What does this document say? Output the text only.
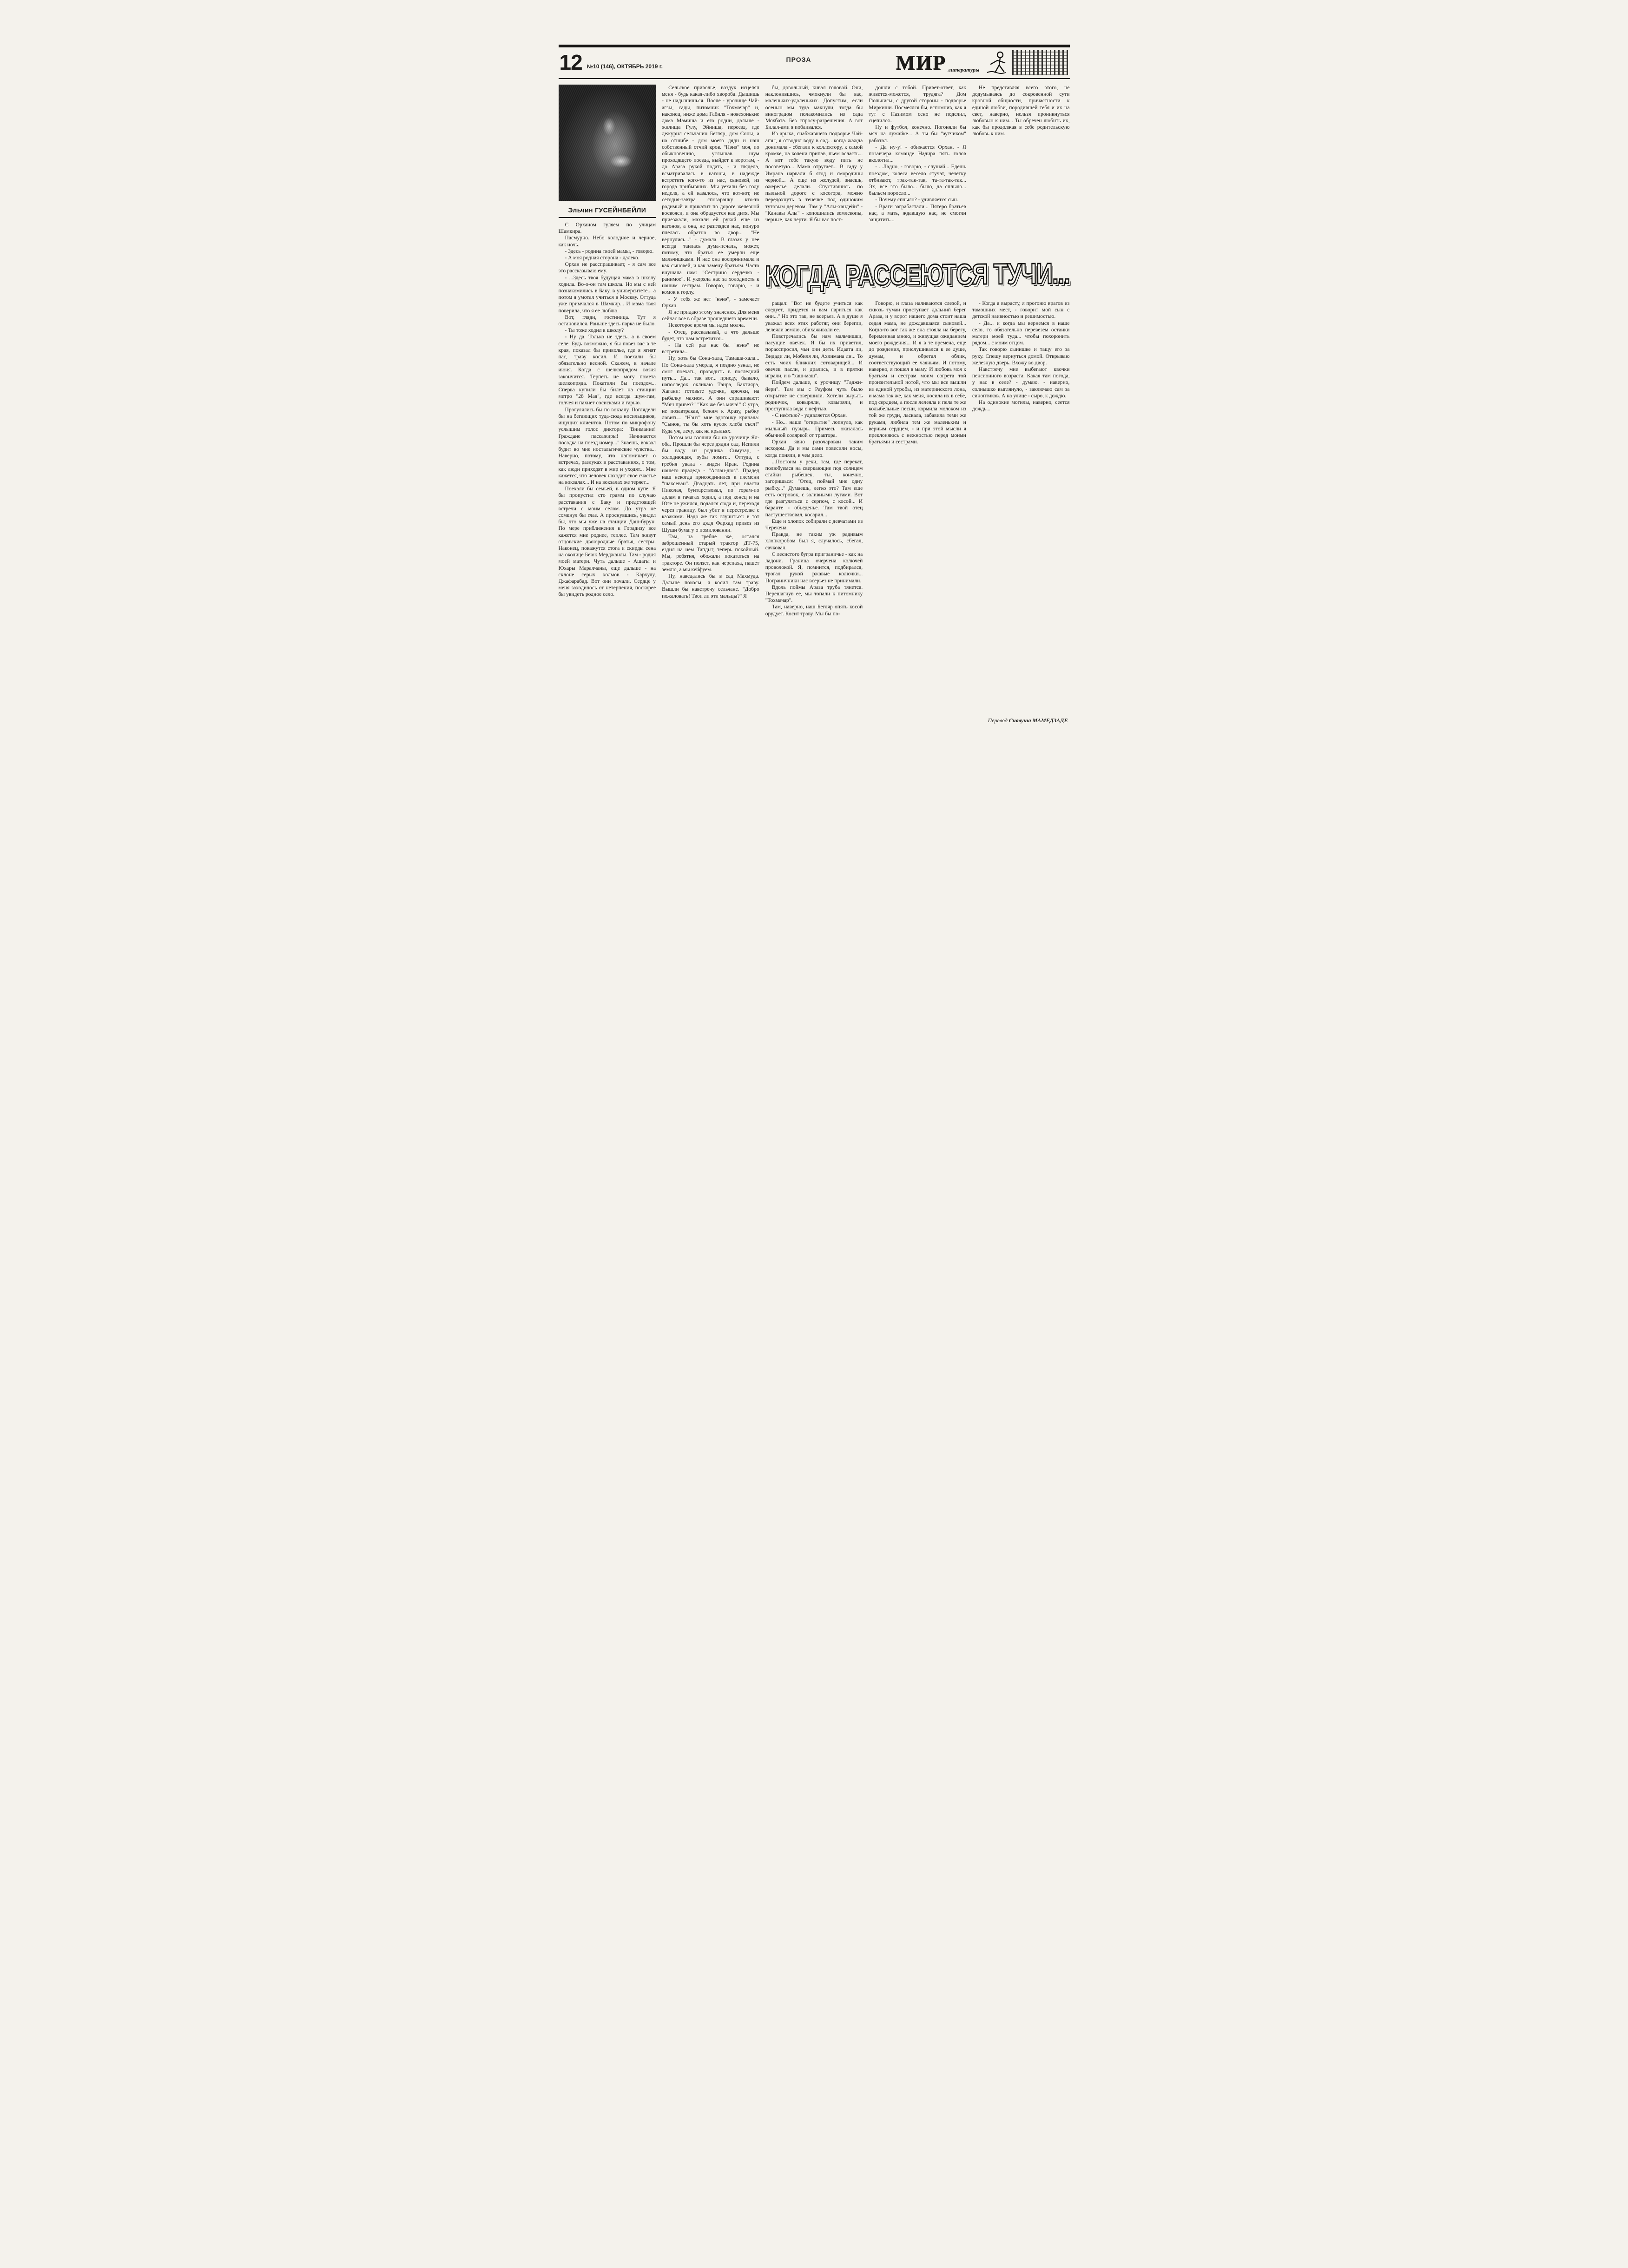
12 №10 (146), ОКТЯБРЬ 2019 г.
ПРОЗА	МИР литературы
Эльчин ГУСЕЙНБЕЙЛИ

С Орханом гуляем по улицам Шамкира.

Пасмурно. Небо холодное и черное, как ночь.

- Здесь - родина твоей мамы, - говорю.

- А моя родная сторона - далеко.

Орхан не расспрашивает, - я сам все это рассказываю ему.

- ...Здесь твоя будущая мама в школу ходила. Во-о-он там школа. Но мы с ней познакомились в Баку, в университете... а потом я умотал учиться в Москву. Оттуда уже примчался в Шамкир... И мама твоя поверила, что я ее люблю.

Вот, гляди, гостиница. Тут я остановился. Раньше здесь парка не было.

- Ты тоже ходил в школу?

- Ну да. Только не здесь, а в своем селе. Будь возможно, я бы повез вас в те края, показал бы приволье, где я ягнят пас, траву косил. И поехали бы обязательно весной. Скажем, в начале июня. Когда с шелкопрядом возня закончится. Терпеть не могу помета шелкопряда. Покатили бы поездом... Сперва купили бы билет на станции метро "28 Мая", где всегда шум-гам, толчея и пахнет сосисками и гарью.

Прогулялись бы по вокзалу. Поглядели бы на бегающих туда-сюда носильщиков, ищущих клиентов. Потом по микрофону услышим голос диктора: "Внимание! Граждане пассажиры! Начинается посадка на поезд номер..." Знаешь, вокзал будит во мне ностальгические чувства... Наверно, потому, что напоминает о встречах, разлуках и расставаниях, о том, как люди приходят в мир и уходят... Мне кажется, что человек находит свое счастье на вокзалах... И на вокзалах же теряет...

Поехали бы семьей, в одном купе. Я бы пропустил сто грамм по случаю расставания с Баку и предстоящей встречи с моим селом. До утра не сомкнул бы глаз. А проснувшись, увидел бы, что мы уже на станции Даш-бурун. По мере приближения к Горадизу все кажется мне роднее, теплее. Там живут отцовские двоюродные братья, сестры. Наконец, покажутся стога и скирды сена на околице Беюк Мерджанлы. Там - родня моей матери. Чуть дальше - Ашагы и Юхары Маралчаны, еще дальше - на склоне серых холмов - Кархулу, Джафарабад. Вот они почали. Сердце у меня заходилось от нетерпения, поскорее бы увидеть родное село.

Сельское приволье, воздух исцелял меня - будь какая-либо хвороба. Дышишь - не надышишься. После - урочище Чай-агзы, сады, питомник "Тохмачар" и, наконец, ниже дома Габиля - новехонькие дома Мамиша и его родни, дальше - жилища Гулу, Эйниша, переезд, где дежурил сельчанин Бегляр, дом Соны, а на отшибе - дом моего дяди и наш собственный отчий кров. "Нэнэ" моя, по обыкновению, услышав шум проходящего поезда, выйдет к воротам, - до Араза рукой подать, - и глядела, всматривалась в вагоны, в надежде встретить кого-то из нас, сыновей, из города прибывших. Мы уехали без году неделя, а ей казалось, что вот-вот, не сегодня-завтра спозаранку кто-то родимый и прикатит по дороге железной восвояси, и она обрадуется как дитя. Мы приезжали, махали ей рукой еще из вагонов, а она, не разглядев нас, понуро плелась обратно во двор... "Не вернулись..." - думала. В глазах у нее всегда таилась дума-печаль, может, потому, что братья ее умерли еще мальчишками. И нас она воспринимала и как сыновей, и как замену братьям. Часто внушала нам: "Сестрино сердечко - ранимое". И укоряла нас за холодность к нашим сестрам. Говорю, говорю, - и комок к горлу.

- У тебя же нет "нэнэ", - замечает Орхан.

Я не придаю этому значения. Для меня сейчас все в образе прошедшего времени.

Некоторое время мы идем молча.

- Отец, рассказывай, а что дальше будет, что нам встретится...

- На сей раз нас бы "нэнэ" не встретила...

Ну, хоть бы Сона-хала, Тамаша-хала... Но Сона-хала умерла, я поздно узнал, не смог поехать, проводить в последний путь... Да... так вот... приеду, бывало, напоследок окликаю Таира, Бахтияра, Хагани: готовьте удочки, крючки, на рыбалку махнем. А они спрашивают: "Мяч привез?" "Как же без мяча!" С утра, не позавтракав, бежим к Аразу, рыбку ловить... "Нэнэ" мне вдогонку кричала: "Сынок, ты бы хоть кусок хлеба съел!" Куда уж, лечу, как на крыльях.

Потом мы взошли бы на урочище Ял-оба. Прошли бы через дядин сад. Испили бы воду из родника Симузар, - холоднющая, зубы ломит... Оттуда, с гребня увала - виден Иран. Родина нашего прадеда - "Аслан-дюз". Прадед наш некогда присоединился к племени "шахсеван". Двадцать лет, при власти Николая, бунтарствовал, по горам-по долам в гачагах ходил, а под конец и на Юге не ужился, подался сюда и, переходя через границу, был убит в перестрелке с казаками. Надо же так случиться: в тот самый день его дядя Фархад привез из Шуши бумагу о помиловании.

Там, на гребне же, остался заброшенный старый трактор ДТ-75, ездил на нем Тапдыг, теперь покойный. Мы, ребятня, обожали покататься на тракторе. Он ползет, как черепаха, пашет землю, а мы кейфуем.

Ну, наведались бы в сад Махмуда. Дальше покосы, я косил там траву. Вышли бы навстречу сельчане. "Добро пожаловать! Твои ли эти мальцы?" Я

бы, довольный, кивал головой. Они, наклонившись, чмокнули бы вас, маленьких-удаленьких. Допустим, если осенью мы туда махнули, тогда бы виноградом полакомились из сада Мохбата. Без спросу-разрешения. А вот Билал-ами я побаивался.

Из арыка, снабжавшего подворье Чай-агзы, я отводил воду в сад... когда жажда донимала - сбегали к коллектору, к самой кромке, на колени припав, пьем всласть... А вот тебе такую воду пить не посоветую... Мама отругает... В саду у Имрана нарвали б ягод и смородины черной... А еще из желудей, знаешь, ожерелье делали. Спустившись по пыльной дороге с косогора, можно передохнуть в тенечке под одиноким тутовым деревом. Там у "Алы-хандейи" - "Канавы Алы" - копошились землекопы, черные, как черти. Я бы вас пост-

дошли с тобой. Привет-ответ, как живется-можется, трудяга? Дом Гюльнисы, с другой стороны - подворье Миркиши. Посмеялся бы, вспомнив, как я тут с Назимом сено не поделил, сцепился...

Ну и футбол, конечно. Погоняли бы мяч на лужайке... А ты бы "аутчиком" работал.

- Да ну-у! - обижается Орхан. - Я позавчера команде Надира пять голов вколотил...

- ...Ладно, - говорю, - слушай... Едешь поездом, колеса весело стучат, чечетку отбивают, трак-так-так, та-та-так-так... Эх, все это было... было, да сплыло... быльем поросло...

- Почему сплыло? - удивляется сын.

- Враги заграбастали... Пятеро братьев нас, а мать, ждавшую нас, не смогли защитить...

Не представляя всего этого, не додумываясь до сокровенной сути кровной общности, причастности к единой любви, породившей тебя и их на свет, наверно, нельзя проникнуться любовью к ним... Ты обречен любить их, как бы продолжая в себе родительскую любовь к ним.

КОГДА РАССЕЮТСЯ ТУЧИ...

ращал: "Вот не будете учиться как следует, придется и вам париться как они..." Но это так, не всерьез. А в душе я уважал всех этих работяг, они берегли, лелеяли землю, обихаживали ее.

Повстречались бы нам мальчишки, пасущие овечек. Я бы их приветил, порасспросил, чьи они дети. Идаята ли, Видади ли, Мобиля ли, Ахлимана ли... То есть моих ближних сотоварищей... И овечек пасли, и дрались, и в прятки играли, и в "хаш-маш".

Пойдем дальше, к урочищу "Гаджи-йери". Там мы с Рауфом чуть было открытие не совершили. Хотели вырыть родничок, ковыряли, ковыряли, и проступила вода с нефтью.

- С нефтью? - удивляется Орхан.

- Но... наше "открытие" лопнуло, как мыльный пузырь. Примесь оказалась обычной соляркой от трактора.

Орхан явно разочарован таким исходом. Да и мы сами повесили носы, когда поняли, в чем дело.

...Постоим у реки, там, где перекат, полюбуемся на сверкающие под солнцем стайки рыбешек, ты, конечно, загоришься: "Отец, поймай мне одну рыбку..." Думаешь, легко это? Там еще есть островок, с заливными лугами. Вот где разгуляться с серпом, с косой... И баранте - объеденье. Там твой отец пастушествовал, косарил...

Еще и хлопок собирали с девчатами из Черекена.

Правда, не таким уж радивым хлопкоробом был я, случалось, сбегал, сачковал.

С лесистого бугра приграничье - как на ладони. Граница очерчена колючей проволокой. Я, помнится, подбирался, трогал рукой ржавые колючки... Пограничники нас всерьез не принимали.

Вдоль поймы Араза труба тянется. Перешагнув ее, мы топали к питомнику "Тохмачар".

Там, наверно, наш Бегляр опять косой орудует. Косит траву. Мы бы по-

Говорю, и глаза наливаются слезой, и сквозь туман проступает дальний берег Араза, и у ворот нашего дома стоит наша седая мама, не дождавшаяся сыновей... Когда-то вот так же она стояла на берегу, беременная мною, и живущая ожиданием моего рождения... И я в те времена, еще до рождения, прислушивался к ее душе, думам, и обретал облик, соответствующий ее чаяньям. И потому, наверно, я пошел в маму. И любовь моя к братьям и сестрам моим согрета той пронзительной нотой, что мы все вышли из единой утробы, из материнского лона, и мама так же, как меня, носила их в себе, под сердцем, а после лелеяла и пела те же колыбельные песни, кормила молоком из той же груди, ласкала, забавила теми же руками, любила тем же маленьким и верным сердцем, - и при этой мысли я преклоняюсь с нежностью перед моими братьями и сестрами.

- Когда я вырасту, я прогоню врагов из тамошних мест, - говорит мой сын с детской наивностью и решимостью.

- Да... и когда мы вернемся в наше село, то обязательно перевезем останки матери моей туда... чтобы похоронить рядом... с моим отцом.

Так говорю сынишке и тащу его за руку. Спешу вернуться домой. Открываю железную дверь. Вхожу во двор.

Навстречу мне выбегают квочки пенсионного возраста. Какая там погода, у нас в селе? - думаю. - наверно, солнышко выглянуло, - заключаю сам за синоптиков. А на улице - сыро, к дождю.

На одинокие могилы, наверно, сеется дождь...

Перевод Сиявуша МАМЕДЗАДЕ
